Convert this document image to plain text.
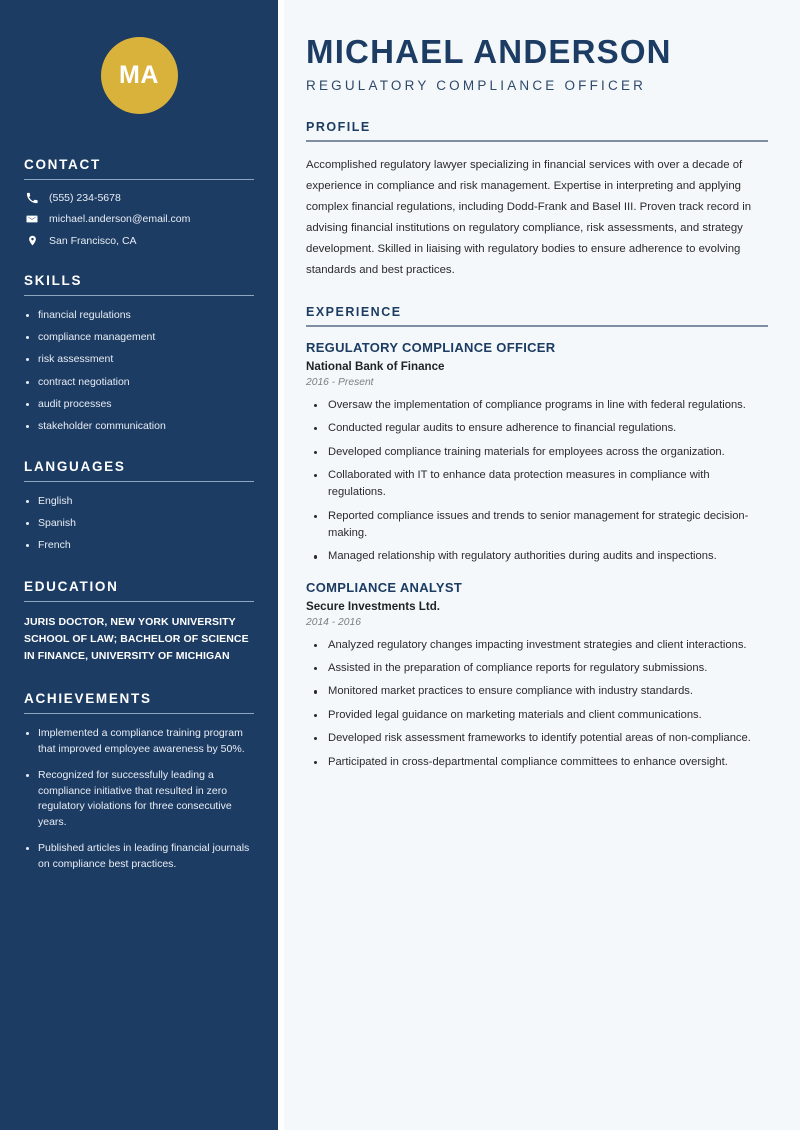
MA
CONTACT
(555) 234-5678
michael.anderson@email.com
San Francisco, CA
SKILLS
financial regulations
compliance management
risk assessment
contract negotiation
audit processes
stakeholder communication
LANGUAGES
English
Spanish
French
EDUCATION

JURIS DOCTOR, NEW YORK UNIVERSITY SCHOOL OF LAW; BACHELOR OF SCIENCE IN FINANCE, UNIVERSITY OF MICHIGAN

ACHIEVEMENTS
Implemented a compliance training program that improved employee awareness by 50%.
Recognized for successfully leading a compliance initiative that resulted in zero regulatory violations for three consecutive years.
Published articles in leading financial journals on compliance best practices.
MICHAEL ANDERSON
REGULATORY COMPLIANCE OFFICER
PROFILE

Accomplished regulatory lawyer specializing in financial services with over a decade of experience in compliance and risk management. Expertise in interpreting and applying complex financial regulations, including Dodd-Frank and Basel III. Proven track record in advising financial institutions on regulatory compliance, risk assessments, and strategy development. Skilled in liaising with regulatory bodies to ensure adherence to evolving standards and best practices.

EXPERIENCE
REGULATORY COMPLIANCE OFFICER
National Bank of Finance
2016 - Present
Oversaw the implementation of compliance programs in line with federal regulations.
Conducted regular audits to ensure adherence to financial regulations.
Developed compliance training materials for employees across the organization.
Collaborated with IT to enhance data protection measures in compliance with regulations.
Reported compliance issues and trends to senior management for strategic decision-making.
Managed relationship with regulatory authorities during audits and inspections.
COMPLIANCE ANALYST
Secure Investments Ltd.
2014 - 2016
Analyzed regulatory changes impacting investment strategies and client interactions.
Assisted in the preparation of compliance reports for regulatory submissions.
Monitored market practices to ensure compliance with industry standards.
Provided legal guidance on marketing materials and client communications.
Developed risk assessment frameworks to identify potential areas of non-compliance.
Participated in cross-departmental compliance committees to enhance oversight.
